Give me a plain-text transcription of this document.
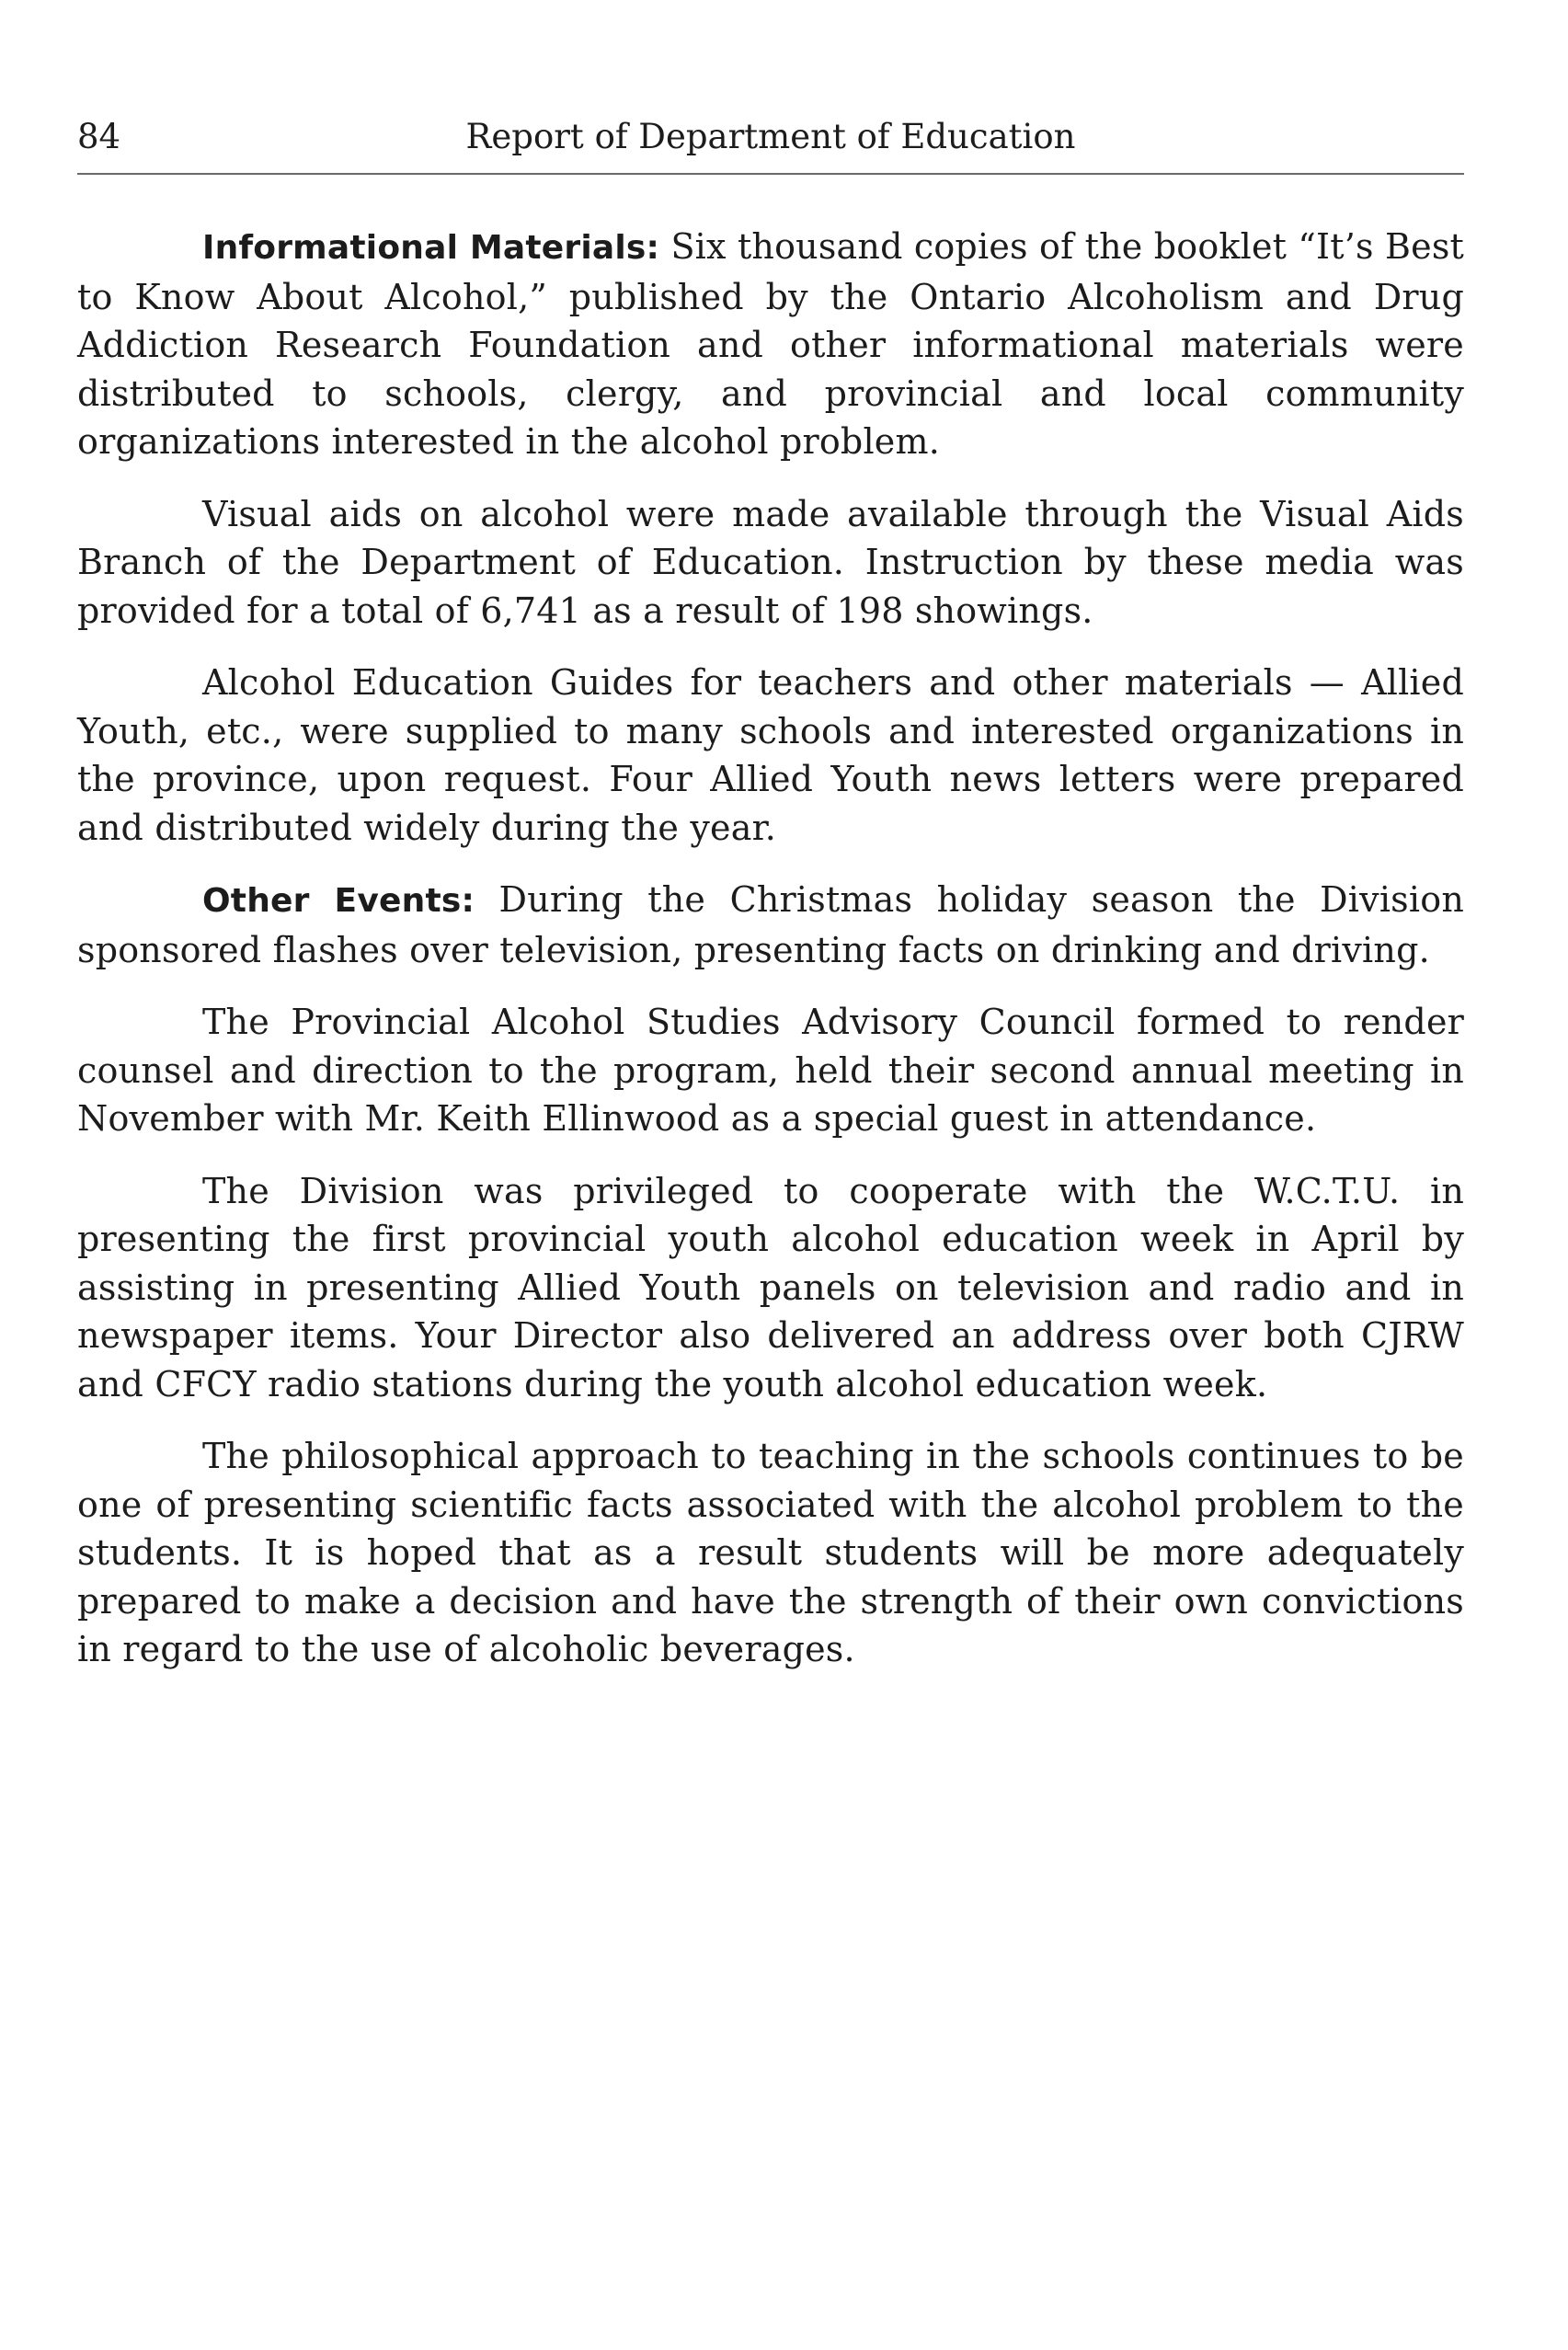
84	Report of Department of Education

Informational Materials: Six thousand copies of the booklet “It’s Best to Know About Alcohol,” published by the Ontario Alcoholism and Drug Addiction Research Foundation and other informational materials were distributed to schools, clergy, and provincial and local community organizations interested in the alcohol problem.

Visual aids on alcohol were made available through the Visual Aids Branch of the Department of Education. Instruction by these media was provided for a total of 6,741 as a result of 198 showings.

Alcohol Education Guides for teachers and other materials — Allied Youth, etc., were supplied to many schools and interested organizations in the province, upon request. Four Allied Youth news letters were prepared and distributed widely during the year.

Other Events: During the Christmas holiday season the Division sponsored flashes over television, presenting facts on drinking and driving.

The Provincial Alcohol Studies Advisory Council formed to render counsel and direction to the program, held their second annual meeting in November with Mr. Keith Ellinwood as a special guest in attendance.

The Division was privileged to cooperate with the W.C.T.U. in presenting the first provincial youth alcohol education week in April by assisting in presenting Allied Youth panels on television and radio and in newspaper items. Your Director also delivered an address over both CJRW and CFCY radio stations during the youth alcohol education week.

The philosophical approach to teaching in the schools continues to be one of presenting scientific facts associated with the alcohol problem to the students. It is hoped that as a result students will be more adequately prepared to make a decision and have the strength of their own convictions in regard to the use of alcoholic beverages.
